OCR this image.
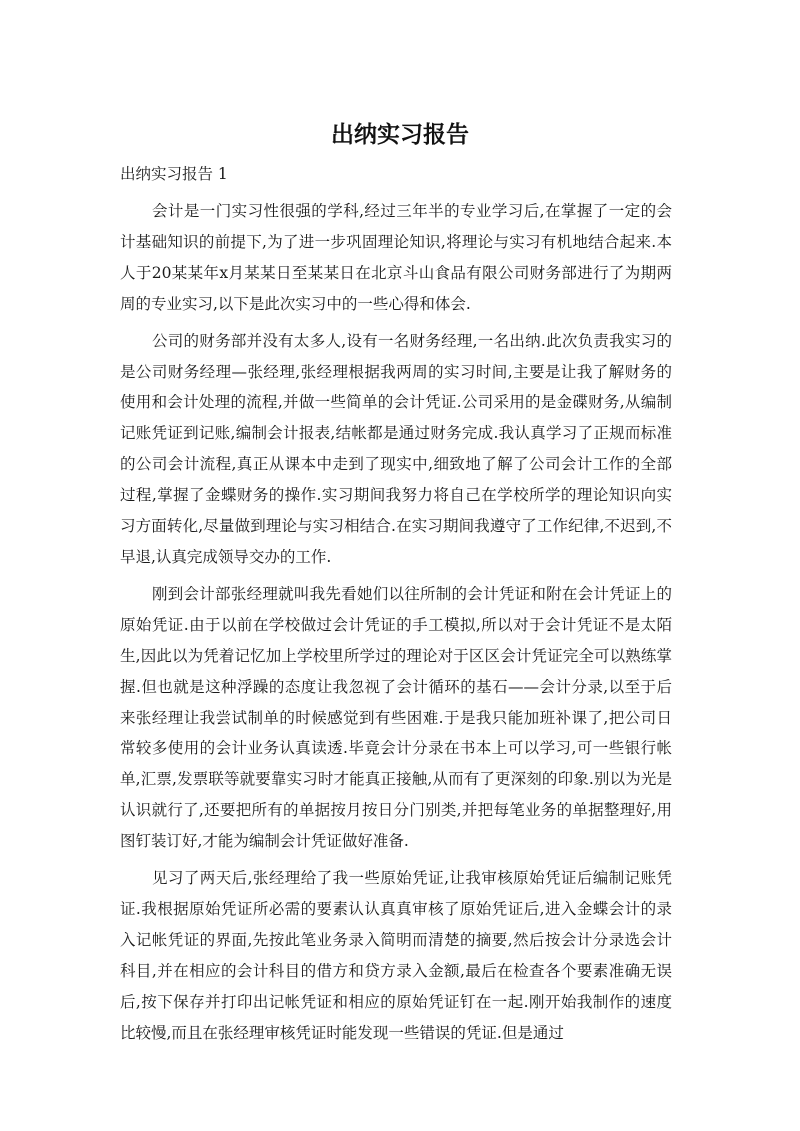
出纳实习报告

出纳实习报告 1

会计是一门实习性很强的学科,经过三年半的专业学习后,在掌握了一定的会计基础知识的前提下,为了进一步巩固理论知识,将理论与实习有机地结合起来.本人于20某某年x月某某日至某某日在北京斗山食品有限公司财务部进行了为期两周的专业实习,以下是此次实习中的一些心得和体会.

公司的财务部并没有太多人,设有一名财务经理,一名出纳.此次负责我实习的是公司财务经理—张经理,张经理根据我两周的实习时间,主要是让我了解财务的使用和会计处理的流程,并做一些简单的会计凭证.公司采用的是金碟财务,从编制记账凭证到记账,编制会计报表,结帐都是通过财务完成.我认真学习了正规而标准的公司会计流程,真正从课本中走到了现实中,细致地了解了公司会计工作的全部过程,掌握了金蝶财务的操作.实习期间我努力将自己在学校所学的理论知识向实习方面转化,尽量做到理论与实习相结合.在实习期间我遵守了工作纪律,不迟到,不早退,认真完成领导交办的工作.

刚到会计部张经理就叫我先看她们以往所制的会计凭证和附在会计凭证上的原始凭证.由于以前在学校做过会计凭证的手工模拟,所以对于会计凭证不是太陌生,因此以为凭着记忆加上学校里所学过的理论对于区区会计凭证完全可以熟练掌握.但也就是这种浮躁的态度让我忽视了会计循环的基石——会计分录,以至于后来张经理让我尝试制单的时候感觉到有些困难.于是我只能加班补课了,把公司日常较多使用的会计业务认真读透.毕竟会计分录在书本上可以学习,可一些银行帐单,汇票,发票联等就要靠实习时才能真正接触,从而有了更深刻的印象.别以为光是认识就行了,还要把所有的单据按月按日分门别类,并把每笔业务的单据整理好,用图钉装订好,才能为编制会计凭证做好准备.

见习了两天后,张经理给了我一些原始凭证,让我审核原始凭证后编制记账凭证.我根据原始凭证所必需的要素认认真真审核了原始凭证后,进入金蝶会计的录入记帐凭证的界面,先按此笔业务录入简明而清楚的摘要,然后按会计分录选会计科目,并在相应的会计科目的借方和贷方录入金额,最后在检查各个要素准确无误后,按下保存并打印出记帐凭证和相应的原始凭证钉在一起.刚开始我制作的速度比较慢,而且在张经理审核凭证时能发现一些错误的凭证.但是通过
